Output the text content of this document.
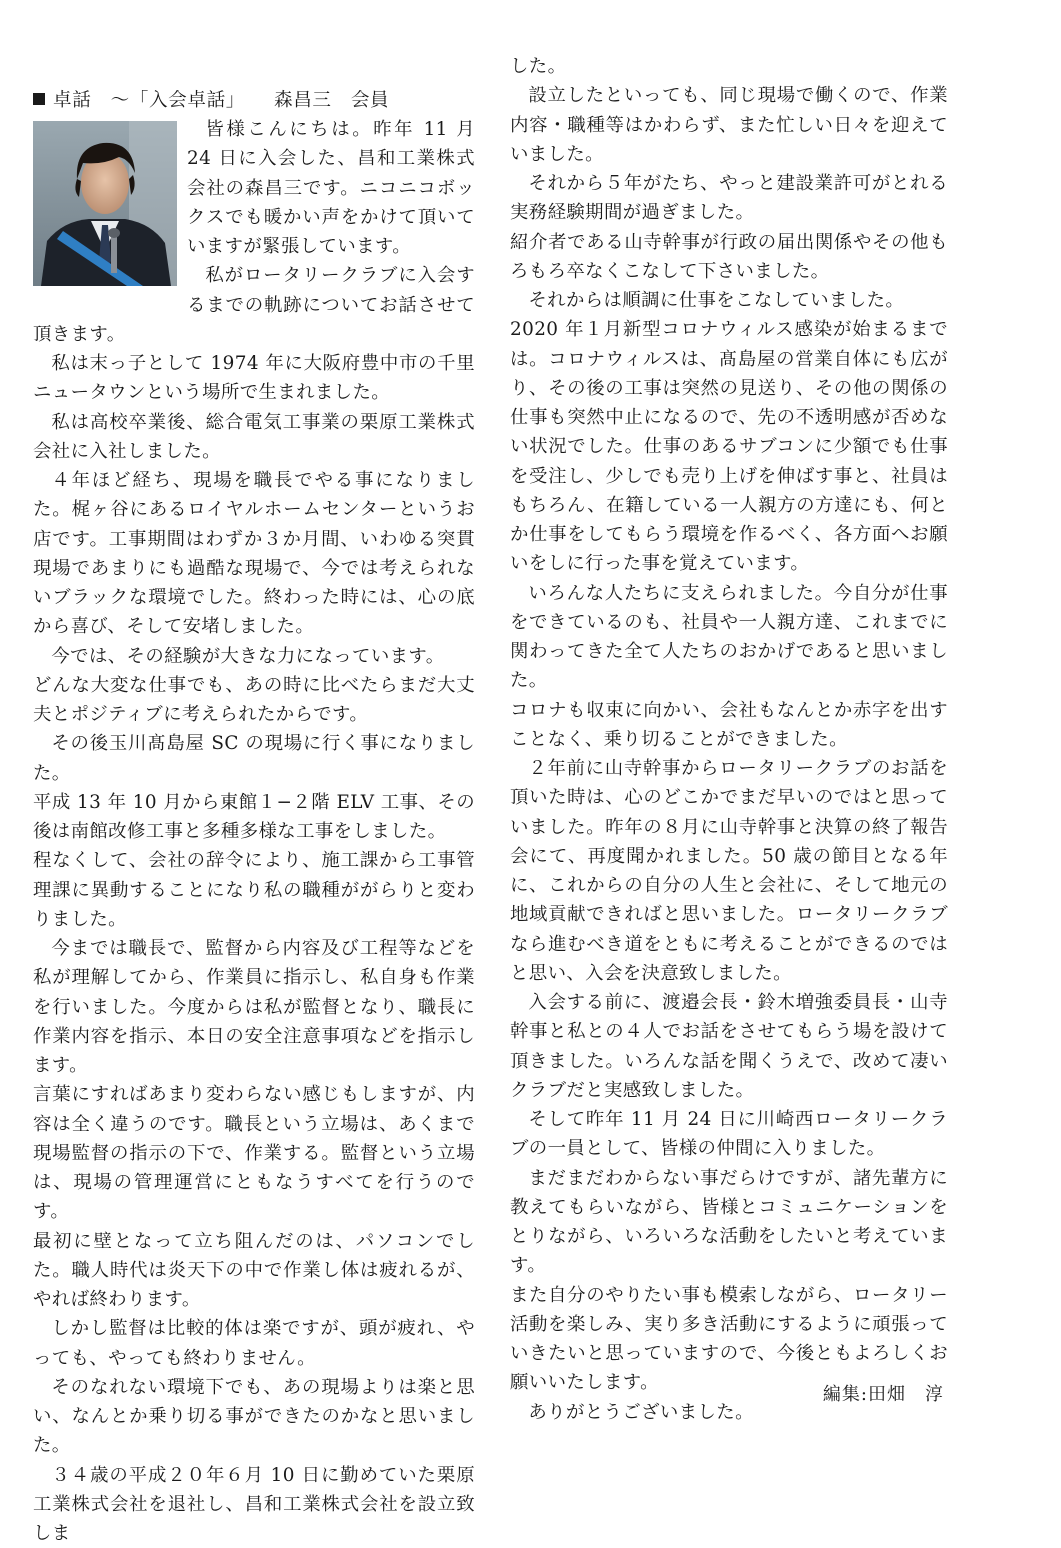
卓話　 ～「入会卓話」　　 森昌三　 会員

皆様こんにちは。昨年 11 月 24 日に入会した、昌和工業株式会社の森昌三です。ニコニコボックスでも暖かい声をかけて頂いていますが緊張しています。

私がロータリークラブに入会するまでの軌跡についてお話させて頂きます。

私は末っ子として 1974 年に大阪府豊中市の千里ニュータウンという場所で生まれました。

私は高校卒業後、総合電気工事業の栗原工業株式会社に入社しました。

４年ほど経ち、現場を職長でやる事になりました。梶ヶ谷にあるロイヤルホームセンターというお店です。工事期間はわずか３か月間、いわゆる突貫現場であまりにも過酷な現場で、今では考えられないブラックな環境でした。終わった時には、心の底から喜び、そして安堵しました。

今では、その経験が大きな力になっています。

どんな大変な仕事でも、あの時に比べたらまだ大丈夫とポジティブに考えられたからです。

その後玉川髙島屋 SC の現場に行く事になりました。

平成 13 年 10 月から東館１−２階 ELV 工事、その後は南館改修工事と多種多様な工事をしました。

程なくして、会社の辞令により、施工課から工事管理課に異動することになり私の職種ががらりと変わりました。

今までは職長で、監督から内容及び工程等などを私が理解してから、作業員に指示し、私自身も作業を行いました。今度からは私が監督となり、職長に作業内容を指示、本日の安全注意事項などを指示します。

言葉にすればあまり変わらない感じもしますが、内容は全く違うのです。職長という立場は、あくまで現場監督の指示の下で、作業する。監督という立場は、現場の管理運営にともなうすべてを行うのです。

最初に壁となって立ち阻んだのは、パソコンでした。職人時代は炎天下の中で作業し体は疲れるが、やれば終わります。

しかし監督は比較的体は楽ですが、頭が疲れ、やっても、やっても終わりません。

そのなれない環境下でも、あの現場よりは楽と思い、なんとか乗り切る事ができたのかなと思いました。

３４歳の平成２０年６月 10 日に勤めていた栗原工業株式会社を退社し、昌和工業株式会社を設立致しま

した。

設立したといっても、同じ現場で働くので、作業内容・職種等はかわらず、また忙しい日々を迎えていました。

それから５年がたち、やっと建設業許可がとれる実務経験期間が過ぎました。

紹介者である山寺幹事が行政の届出関係やその他もろもろ卒なくこなして下さいました。

それからは順調に仕事をこなしていました。

2020 年１月新型コロナウィルス感染が始まるまでは。コロナウィルスは、髙島屋の営業自体にも広がり、その後の工事は突然の見送り、その他の関係の仕事も突然中止になるので、先の不透明感が否めない状況でした。仕事のあるサブコンに少額でも仕事を受注し、少しでも売り上げを伸ばす事と、社員はもちろん、在籍している一人親方の方達にも、何とか仕事をしてもらう環境を作るべく、各方面へお願いをしに行った事を覚えています。

いろんな人たちに支えられました。今自分が仕事をできているのも、社員や一人親方達、これまでに関わってきた全て人たちのおかげであると思いました。

コロナも収束に向かい、会社もなんとか赤字を出すことなく、乗り切ることができました。

２年前に山寺幹事からロータリークラブのお話を頂いた時は、心のどこかでまだ早いのではと思っていました。昨年の８月に山寺幹事と決算の終了報告会にて、再度聞かれました。50 歳の節目となる年に、これからの自分の人生と会社に、そして地元の地域貢献できればと思いました。ロータリークラブなら進むべき道をともに考えることができるのではと思い、入会を決意致しました。

入会する前に、渡邉会長・鈴木増強委員長・山寺幹事と私との４人でお話をさせてもらう場を設けて頂きました。いろんな話を聞くうえで、改めて凄いクラブだと実感致しました。

そして昨年 11 月 24 日に川崎西ロータリークラブの一員として、皆様の仲間に入りました。

まだまだわからない事だらけですが、諸先輩方に教えてもらいながら、皆様とコミュニケーションをとりながら、いろいろな活動をしたいと考えています。

また自分のやりたい事も模索しながら、ロータリー活動を楽しみ、実り多き活動にするように頑張っていきたいと思っていますので、今後ともよろしくお願いいたします。

ありがとうございました。

編集:田畑　淳
